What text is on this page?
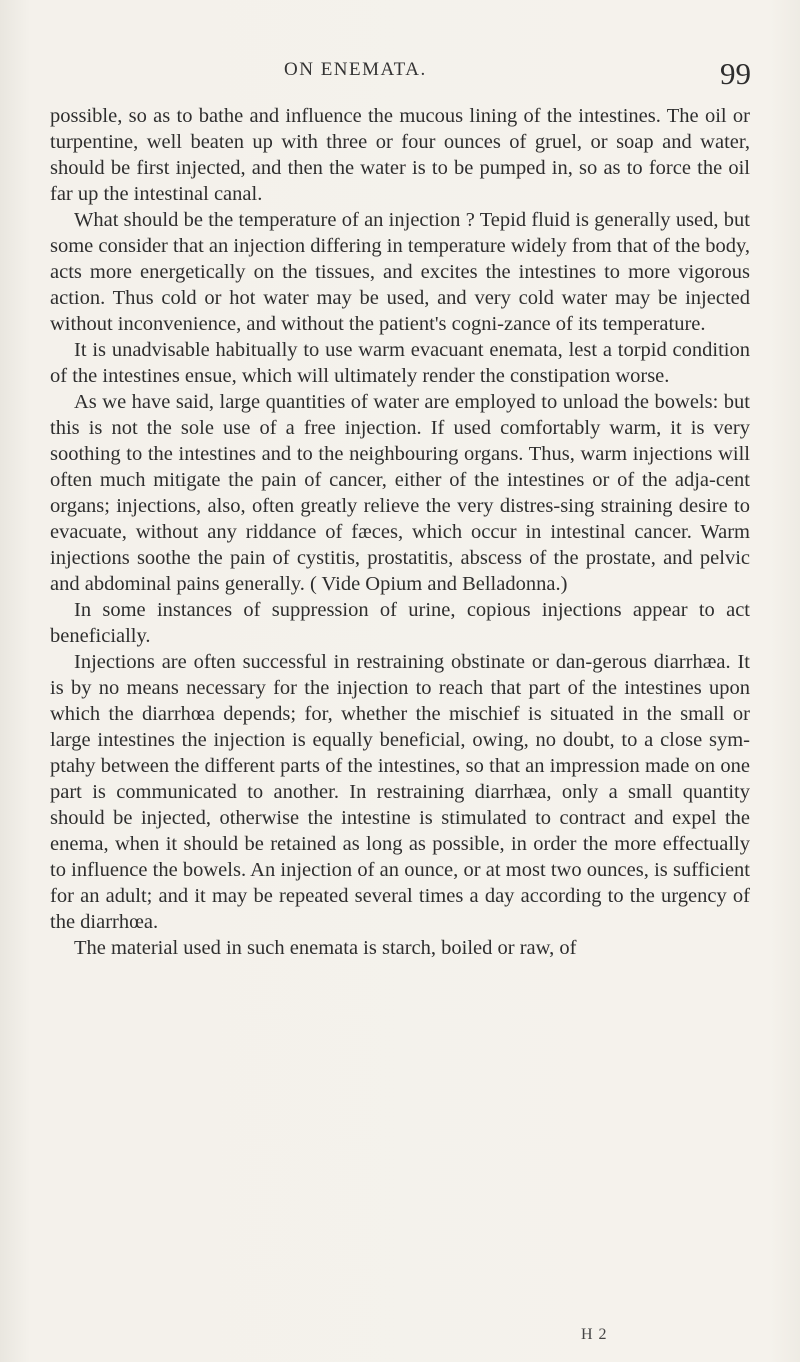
ON ENEMATA.	99

possible, so as to bathe and influence the mucous lining of the intestines. The oil or turpentine, well beaten up with three or four ounces of gruel, or soap and water, should be first injected, and then the water is to be pumped in, so as to force the oil far up the intestinal canal.

What should be the temperature of an injection ? Tepid fluid is generally used, but some consider that an injection differing in temperature widely from that of the body, acts more energetically on the tissues, and excites the intestines to more vigorous action. Thus cold or hot water may be used, and very cold water may be injected without inconvenience, and without the patient's cogni-zance of its temperature.

It is unadvisable habitually to use warm evacuant enemata, lest a torpid condition of the intestines ensue, which will ultimately render the constipation worse.

As we have said, large quantities of water are employed to unload the bowels: but this is not the sole use of a free injection. If used comfortably warm, it is very soothing to the intestines and to the neighbouring organs. Thus, warm injections will often much mitigate the pain of cancer, either of the intestines or of the adja-cent organs; injections, also, often greatly relieve the very distres-sing straining desire to evacuate, without any riddance of fæces, which occur in intestinal cancer. Warm injections soothe the pain of cystitis, prostatitis, abscess of the prostate, and pelvic and abdominal pains generally. ( Vide Opium and Belladonna.)

In some instances of suppression of urine, copious injections appear to act beneficially.

Injections are often successful in restraining obstinate or dan-gerous diarrhæa. It is by no means necessary for the injection to reach that part of the intestines upon which the diarrhœa depends; for, whether the mischief is situated in the small or large intestines the injection is equally beneficial, owing, no doubt, to a close sym-ptahy between the different parts of the intestines, so that an impression made on one part is communicated to another. In restraining diarrhæa, only a small quantity should be injected, otherwise the intestine is stimulated to contract and expel the enema, when it should be retained as long as possible, in order the more effectually to influence the bowels. An injection of an ounce, or at most two ounces, is sufficient for an adult; and it may be repeated several times a day according to the urgency of the diarrhœa.

The material used in such enemata is starch, boiled or raw, of

H 2
